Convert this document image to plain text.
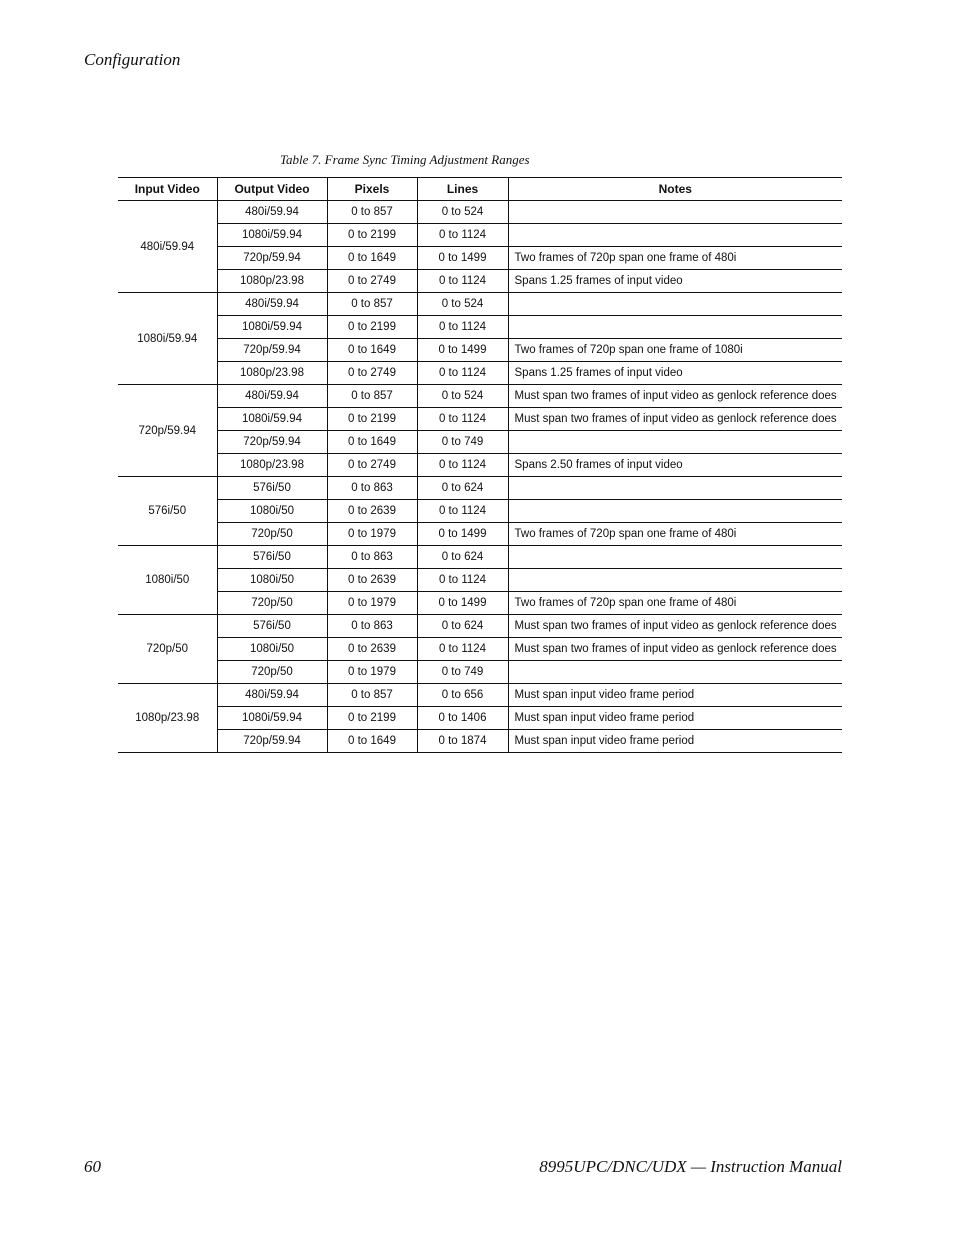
Configuration
Table 7. Frame Sync Timing Adjustment Ranges
Input Video	Output Video	Pixels	Lines	Notes
480i/59.94	480i/59.94	0 to 857	0 to 524	
	1080i/59.94	0 to 2199	0 to 1124	
	720p/59.94	0 to 1649	0 to 1499	Two frames of 720p span one frame of 480i
	1080p/23.98	0 to 2749	0 to 1124	Spans 1.25 frames of input video
1080i/59.94	480i/59.94	0 to 857	0 to 524	
	1080i/59.94	0 to 2199	0 to 1124	
	720p/59.94	0 to 1649	0 to 1499	Two frames of 720p span one frame of 1080i
	1080p/23.98	0 to 2749	0 to 1124	Spans 1.25 frames of input video
720p/59.94	480i/59.94	0 to 857	0 to 524	Must span two frames of input video as genlock reference does
	1080i/59.94	0 to 2199	0 to 1124	Must span two frames of input video as genlock reference does
	720p/59.94	0 to 1649	0 to 749	
	1080p/23.98	0 to 2749	0 to 1124	Spans 2.50 frames of input video
576i/50	576i/50	0 to 863	0 to 624	
	1080i/50	0 to 2639	0 to 1124	
	720p/50	0 to 1979	0 to 1499	Two frames of 720p span one frame of 480i
1080i/50	576i/50	0 to 863	0 to 624	
	1080i/50	0 to 2639	0 to 1124	
	720p/50	0 to 1979	0 to 1499	Two frames of 720p span one frame of 480i
720p/50	576i/50	0 to 863	0 to 624	Must span two frames of input video as genlock reference does
	1080i/50	0 to 2639	0 to 1124	Must span two frames of input video as genlock reference does
	720p/50	0 to 1979	0 to 749	
1080p/23.98	480i/59.94	0 to 857	0 to 656	Must span input video frame period
	1080i/59.94	0 to 2199	0 to 1406	Must span input video frame period
	720p/59.94	0 to 1649	0 to 1874	Must span input video frame period
60	8995UPC/DNC/UDX — Instruction Manual
